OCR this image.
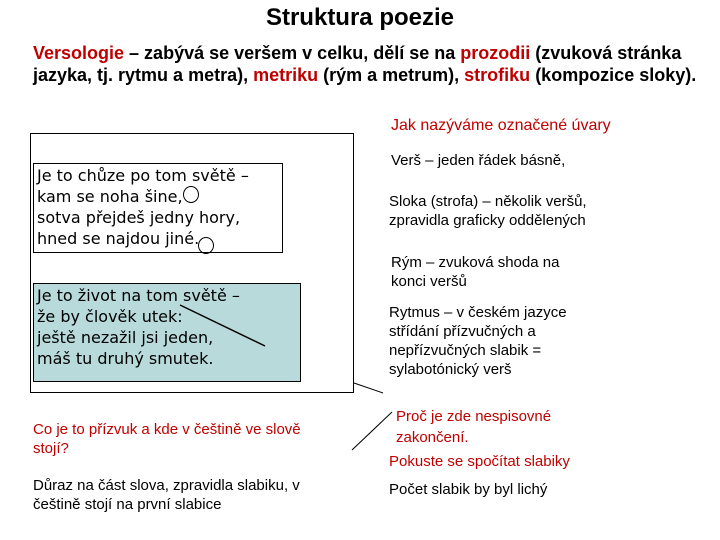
Struktura poezie
Versologie – zabývá se veršem v celku, dělí se na prozodii (zvuková stránka jazyka, tj. rytmu a metra), metriku (rým a metrum), strofiku (kompozice sloky).
Jak nazýváme označené úvary
Je to chůze po tom světě –
kam se noha šine,
sotva přejdeš jedny hory,
hned se najdou jiné.
Je to život na tom světě –
že by člověk utek:
ještě nezažil jsi jeden,
máš tu druhý smutek.
Verš – jeden řádek básně,
Sloka (strofa) – několik veršů,
zpravidla graficky oddělených
Rým – zvuková shoda na
konci veršů
Rytmus – v českém jazyce
střídání přízvučných a
nepřízvučných slabik =
sylabotónický verš
Co je to přízvuk a kde v češtině ve slově
stojí?
Důraz na část slova, zpravidla slabiku, v
češtině stojí na první slabice
Proč je zde nespisovné
zakončení.
Pokuste se spočítat slabiky
Počet slabik by byl lichý
